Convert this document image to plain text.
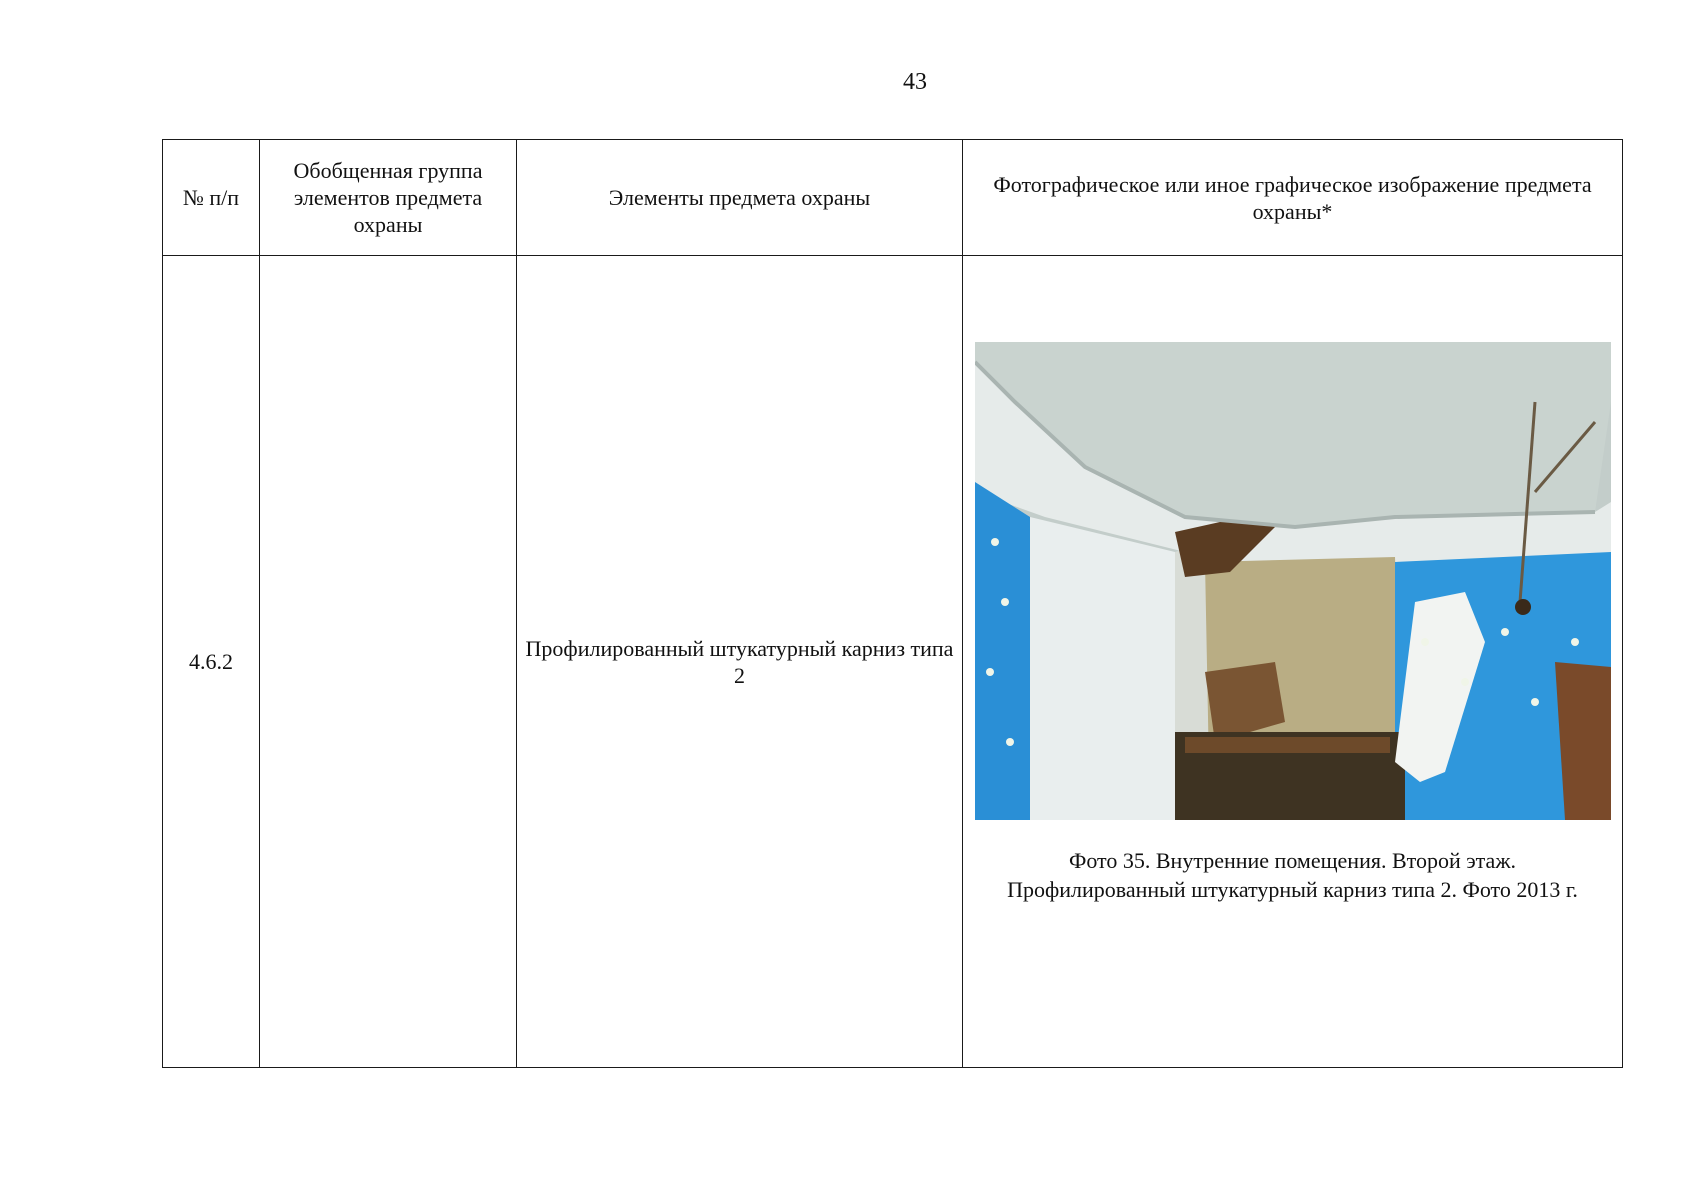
43
№ п/п	Обобщенная группа элементов предмета охраны	Элементы предмета охраны	Фотографическое или иное графическое изображение предмета охраны*

4.6.2		Профилированный штукатурный карниз типа 2	Фото 35. Внутренние помещения. Второй этаж.
Профилированный штукатурный карниз типа 2. Фото 2013 г.
